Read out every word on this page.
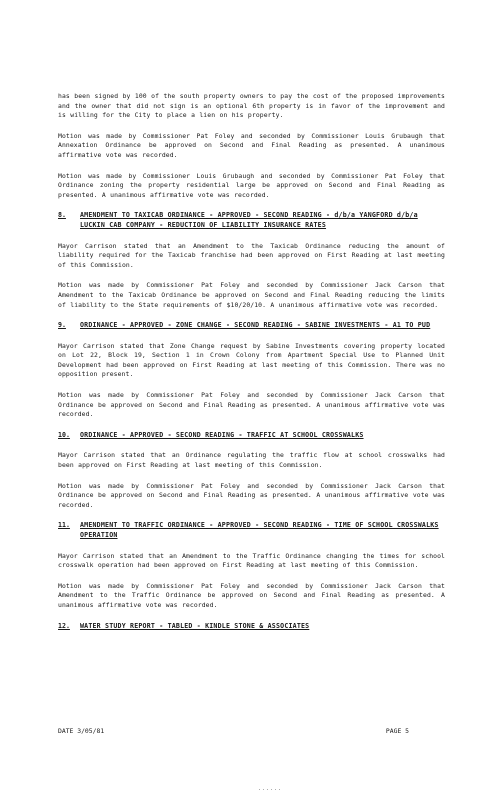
has been signed by 100 of the south property owners to pay the cost of the proposed improvements and the owner that did not sign is an optional 6th property is in favor of the improvement and is willing for the City to place a lien on his property.

Motion was made by Commissioner Pat Foley and seconded by Commissioner Louis Grubaugh that Annexation Ordinance be approved on Second and Final Reading as presented. A unanimous affirmative vote was recorded.

Motion was made by Commissioner Louis Grubaugh and seconded by Commissioner Pat Foley that Ordinance zoning the property residential large be approved on Second and Final Reading as presented. A unanimous affirmative vote was recorded.

8.	AMENDMENT TO TAXICAB ORDINANCE - APPROVED - SECOND READING - d/b/a YANGFORD d/b/a LUCKIN CAB COMPANY - REDUCTION OF LIABILITY INSURANCE RATES

Mayor Carrison stated that an Amendment to the Taxicab Ordinance reducing the amount of liability required for the Taxicab franchise had been approved on First Reading at last meeting of this Commission.

Motion was made by Commissioner Pat Foley and seconded by Commissioner Jack Carson that Amendment to the Taxicab Ordinance be approved on Second and Final Reading reducing the limits of liability to the State requirements of $10/20/10. A unanimous affirmative vote was recorded.

9.	ORDINANCE - APPROVED - ZONE CHANGE - SECOND READING - SABINE INVESTMENTS - A1 TO PUD

Mayor Carrison stated that Zone Change request by Sabine Investments covering property located on Lot 22, Block 19, Section 1 in Crown Colony from Apartment Special Use to Planned Unit Development had been approved on First Reading at last meeting of this Commission. There was no opposition present.

Motion was made by Commissioner Pat Foley and seconded by Commissioner Jack Carson that Ordinance be approved on Second and Final Reading as presented. A unanimous affirmative vote was recorded.

10.	ORDINANCE - APPROVED - SECOND READING - TRAFFIC AT SCHOOL CROSSWALKS

Mayor Carrison stated that an Ordinance regulating the traffic flow at school crosswalks had been approved on First Reading at last meeting of this Commission.

Motion was made by Commissioner Pat Foley and seconded by Commissioner Jack Carson that Ordinance be approved on Second and Final Reading as presented. A unanimous affirmative vote was recorded.

11.	AMENDMENT TO TRAFFIC ORDINANCE - APPROVED - SECOND READING - TIME OF SCHOOL CROSSWALKS OPERATION

Mayor Carrison stated that an Amendment to the Traffic Ordinance changing the times for school crosswalk operation had been approved on First Reading at last meeting of this Commission.

Motion was made by Commissioner Pat Foley and seconded by Commissioner Jack Carson that Amendment to the Traffic Ordinance be approved on Second and Final Reading as presented. A unanimous affirmative vote was recorded.

12.	WATER STUDY REPORT - TABLED - KINDLE STONE & ASSOCIATES
DATE 3/05/81	PAGE 5
......
